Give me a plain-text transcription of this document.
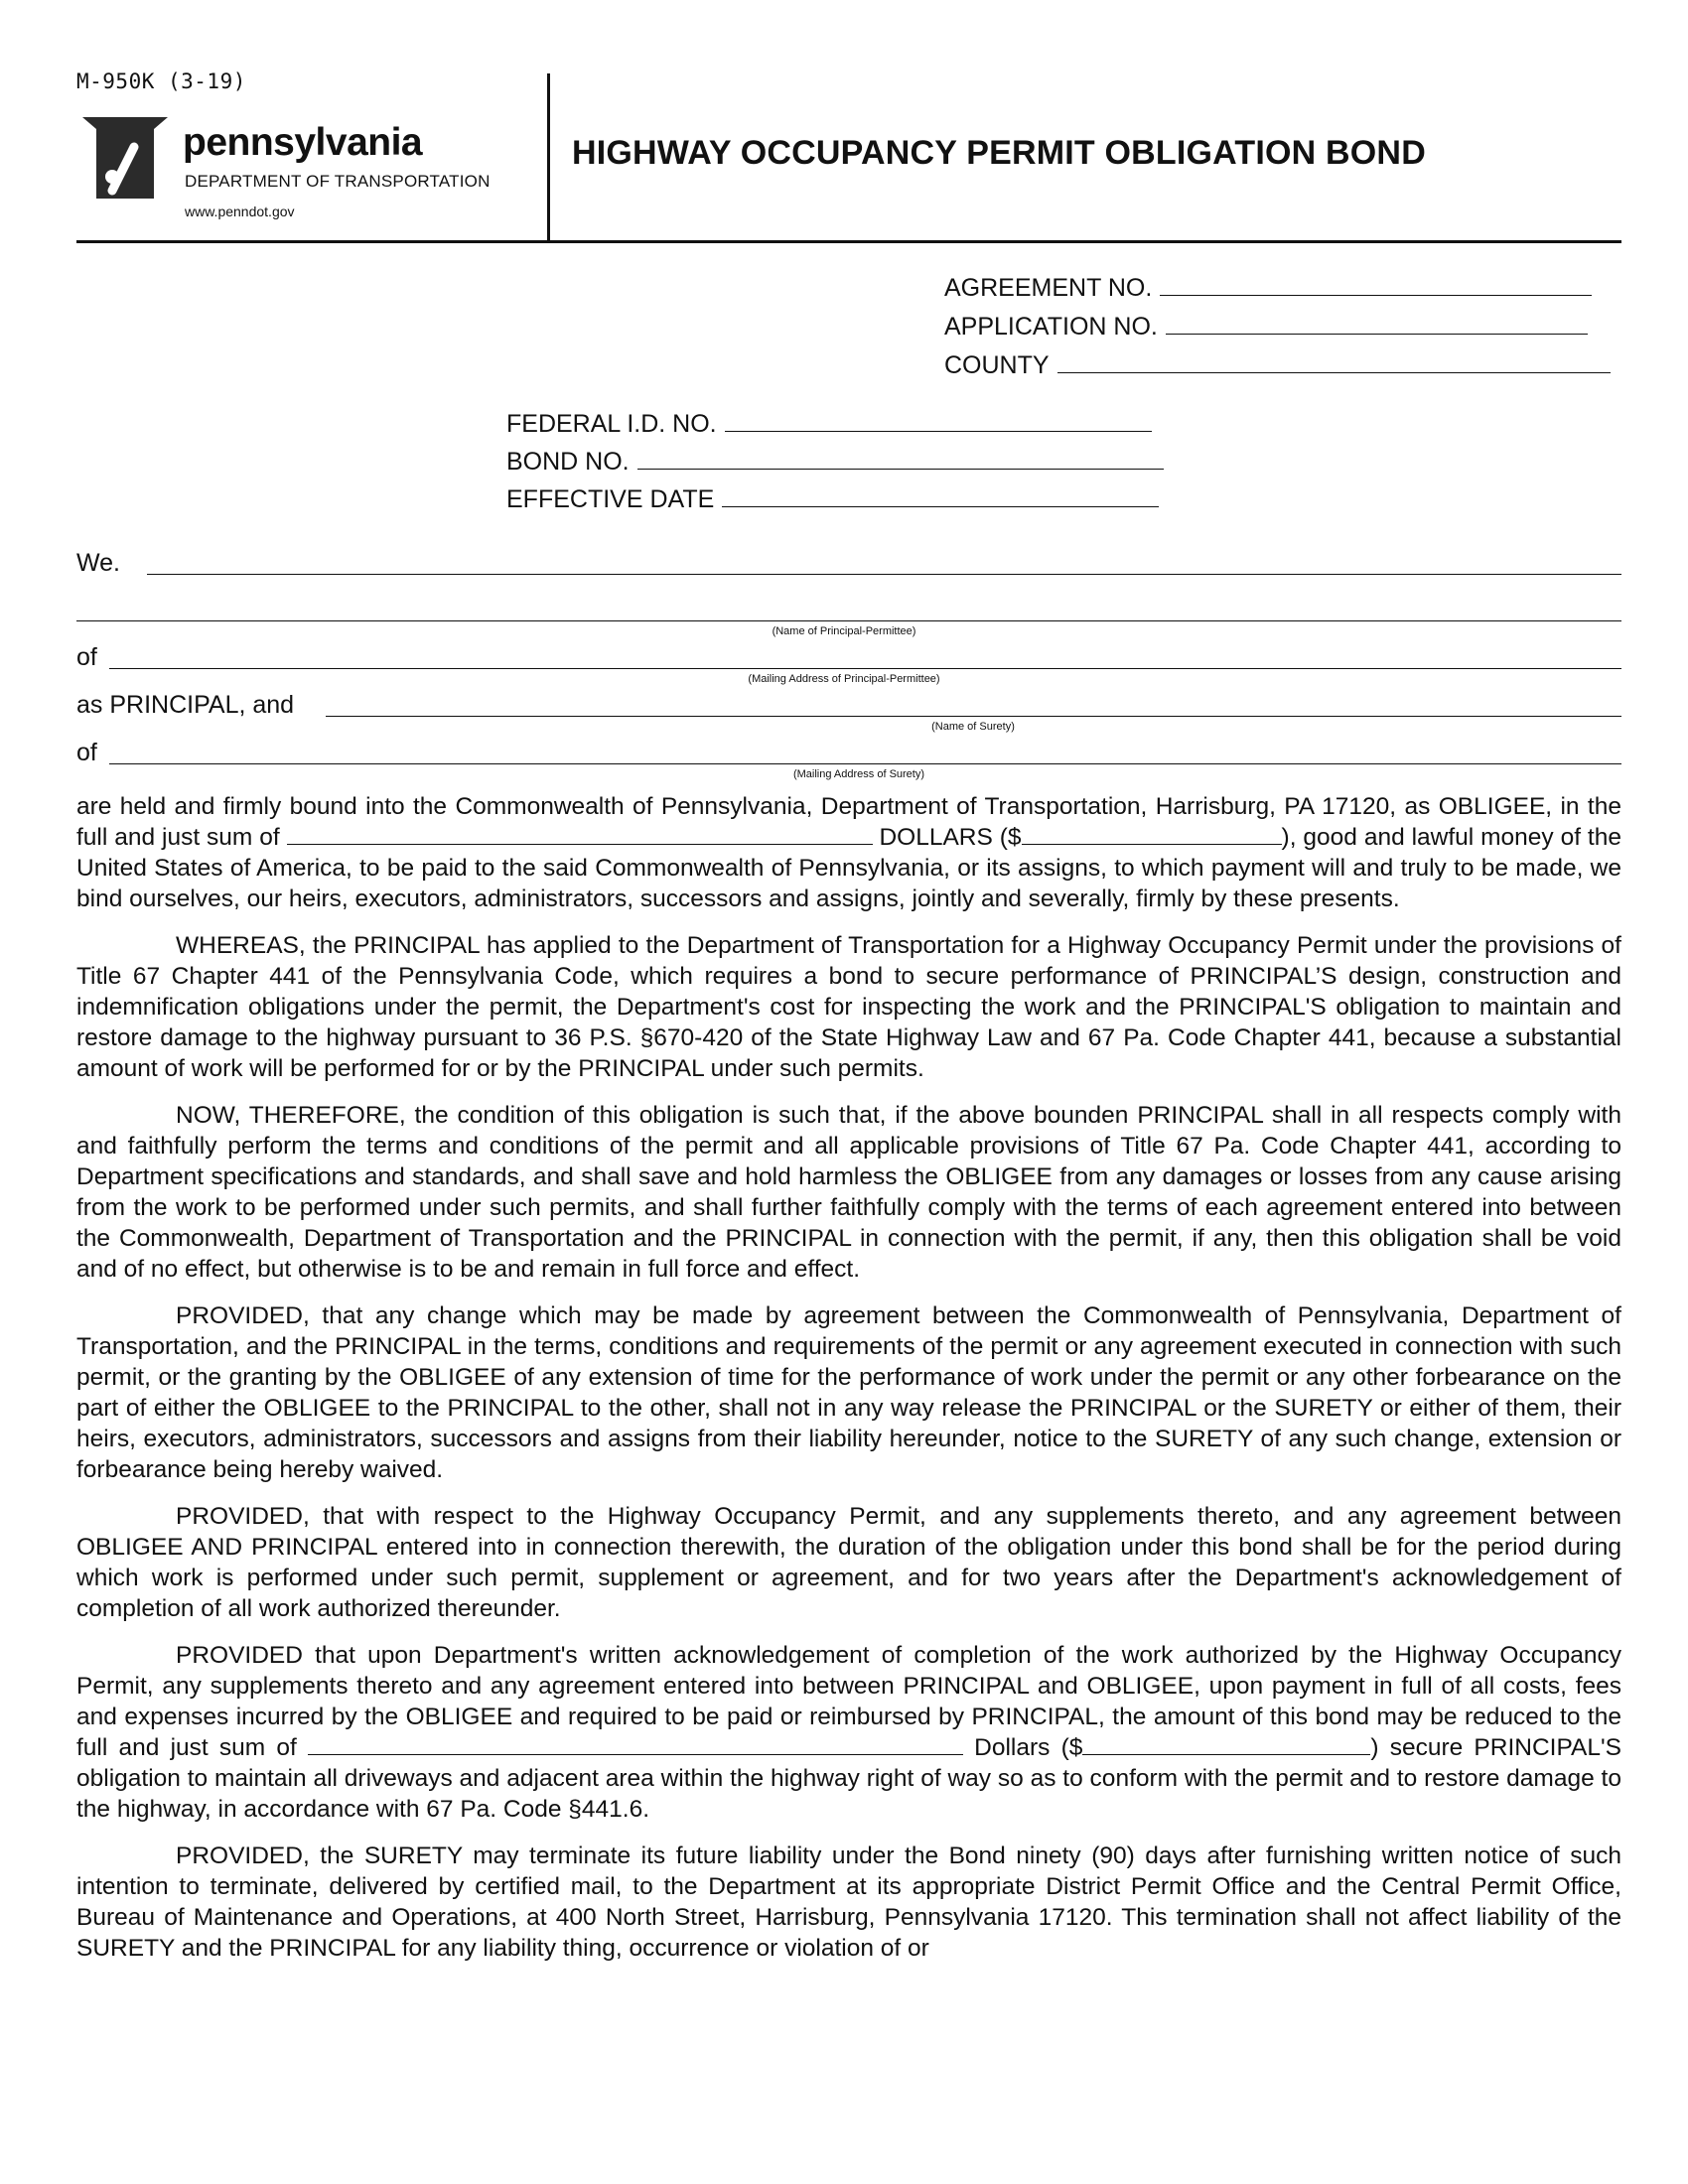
M-950K (3-19)
pennsylvania
DEPARTMENT OF TRANSPORTATION
www.penndot.gov
HIGHWAY OCCUPANCY PERMIT OBLIGATION BOND
AGREEMENT NO.
APPLICATION NO.
COUNTY
FEDERAL I.D. NO.
BOND NO.
EFFECTIVE DATE
We.
(Name of Principal-Permittee)
of
(Mailing Address of Principal-Permittee)
as PRINCIPAL, and
(Name of Surety)
of
(Mailing Address of Surety)

are held and firmly bound into the Commonwealth of Pennsylvania, Department of Transportation, Harrisburg, PA 17120, as OBLIGEE, in the full and just sum of	DOLLARS ($	), good and lawful money of the United States of America, to be paid to the said Commonwealth of Pennsylvania, or its assigns, to which payment will and truly to be made, we bind ourselves, our heirs, executors, administrators, successors and assigns, jointly and severally, firmly by these presents.

WHEREAS, the PRINCIPAL has applied to the Department of Transportation for a Highway Occupancy Permit under the provisions of Title 67 Chapter 441 of the Pennsylvania Code, which requires a bond to secure performance of PRINCIPAL’S design, construction and indemnification obligations under the permit, the Department's cost for inspecting the work and the PRINCIPAL'S obligation to maintain and restore damage to the highway pursuant to 36 P.S. §670-420 of the State Highway Law and 67 Pa. Code Chapter 441, because a substantial amount of work will be performed for or by the PRINCIPAL under such permits.

NOW, THEREFORE, the condition of this obligation is such that, if the above bounden PRINCIPAL shall in all respects comply with and faithfully perform the terms and conditions of the permit and all applicable provisions of Title 67 Pa. Code Chapter 441, according to Department specifications and standards, and shall save and hold harmless the OBLIGEE from any damages or losses from any cause arising from the work to be performed under such permits, and shall further faithfully comply with the terms of each agreement entered into between the Commonwealth, Department of Transportation and the PRINCIPAL in connection with the permit, if any, then this obligation shall be void and of no effect, but otherwise is to be and remain in full force and effect.

PROVIDED, that any change which may be made by agreement between the Commonwealth of Pennsylvania, Department of Transportation, and the PRINCIPAL in the terms, conditions and requirements of the permit or any agreement executed in connection with such permit, or the granting by the OBLIGEE of any extension of time for the performance of work under the permit or any other forbearance on the part of either the OBLIGEE to the PRINCIPAL to the other, shall not in any way release the PRINCIPAL or the SURETY or either of them, their heirs, executors, administrators, successors and assigns from their liability hereunder, notice to the SURETY of any such change, extension or forbearance being hereby waived.

PROVIDED, that with respect to the Highway Occupancy Permit, and any supplements thereto, and any agreement between OBLIGEE AND PRINCIPAL entered into in connection therewith, the duration of the obligation under this bond shall be for the period during which work is performed under such permit, supplement or agreement, and for two years after the Department's acknowledgement of completion of all work authorized thereunder.

PROVIDED that upon Department's written acknowledgement of completion of the work authorized by the Highway Occupancy Permit, any supplements thereto and any agreement entered into between PRINCIPAL and OBLIGEE, upon payment in full of all costs, fees and expenses incurred by the OBLIGEE and required to be paid or reimbursed by PRINCIPAL, the amount of this bond may be reduced to the full and just sum of	Dollars ($	) secure PRINCIPAL'S obligation to maintain all driveways and adjacent area within the highway right of way so as to conform with the permit and to restore damage to the highway, in accordance with 67 Pa. Code §441.6.

PROVIDED, the SURETY may terminate its future liability under the Bond ninety (90) days after furnishing written notice of such intention to terminate, delivered by certified mail, to the Department at its appropriate District Permit Office and the Central Permit Office, Bureau of Maintenance and Operations, at 400 North Street, Harrisburg, Pennsylvania 17120. This termination shall not affect liability of the SURETY and the PRINCIPAL for any liability thing, occurrence or violation of or
